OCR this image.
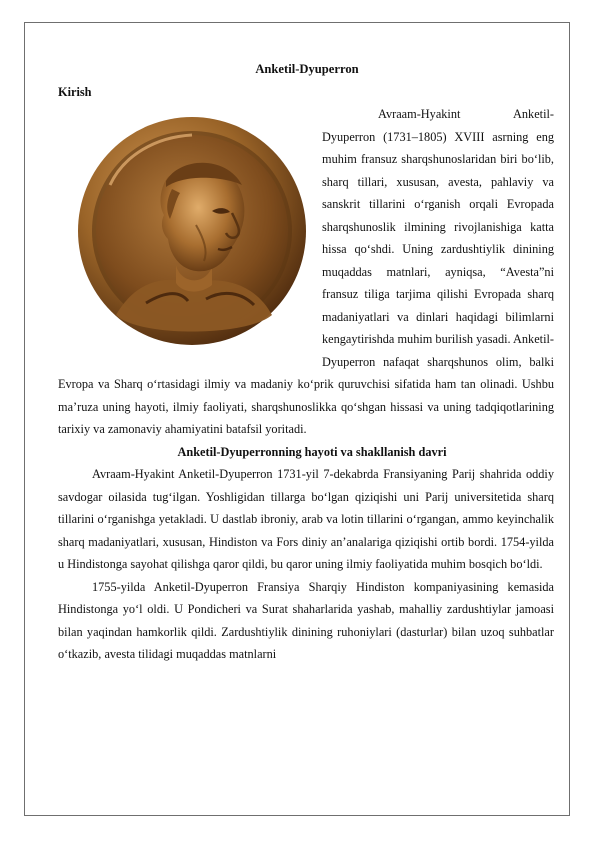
Anketil-Dyuperron
Kirish

Avraam-Hyakint Anketil-Dyuperron (1731–1805) XVIII asrning eng muhim fransuz sharqshunoslaridan biri bo‘lib, sharq tillari, xususan, avesta, pahlaviy va sanskrit tillarini o‘rganish orqali Evropada sharqshunoslik ilmining rivojlanishiga katta hissa qo‘shdi. Uning zardushtiylik dinining muqaddas matnlari, ayniqsa, “Avesta”ni fransuz tiliga tarjima qilishi Evropada sharq madaniyatlari va dinlari haqidagi bilimlarni kengaytirishda muhim burilish yasadi. Anketil-Dyuperron nafaqat sharqshunos olim, balki Evropa va Sharq o‘rtasidagi ilmiy va madaniy ko‘prik quruvchisi sifatida ham tan olinadi. Ushbu ma’ruza uning hayoti, ilmiy faoliyati, sharqshunoslikka qo‘shgan hissasi va uning tadqiqotlarining tarixiy va zamonaviy ahamiyatini batafsil yoritadi.

Anketil-Dyuperronning hayoti va shakllanish davri

Avraam-Hyakint Anketil-Dyuperron 1731-yil 7-dekabrda Fransiyaning Parij shahrida oddiy savdogar oilasida tug‘ilgan. Yoshligidan tillarga bo‘lgan qiziqishi uni Parij universitetida sharq tillarini o‘rganishga yetakladi. U dastlab ibroniy, arab va lotin tillarini o‘rgangan, ammo keyinchalik sharq madaniyatlari, xususan, Hindiston va Fors diniy an’analariga qiziqishi ortib bordi. 1754-yilda u Hindistonga sayohat qilishga qaror qildi, bu qaror uning ilmiy faoliyatida muhim bosqich bo‘ldi.

1755-yilda Anketil-Dyuperron Fransiya Sharqiy Hindiston kompaniyasining kemasida Hindistonga yo‘l oldi. U Pondicheri va Surat shaharlarida yashab, mahalliy zardushtiylar jamoasi bilan yaqindan hamkorlik qildi. Zardushtiylik dinining ruhoniylari (dasturlar) bilan uzoq suhbatlar o‘tkazib, avesta tilidagi muqaddas matnlarni
